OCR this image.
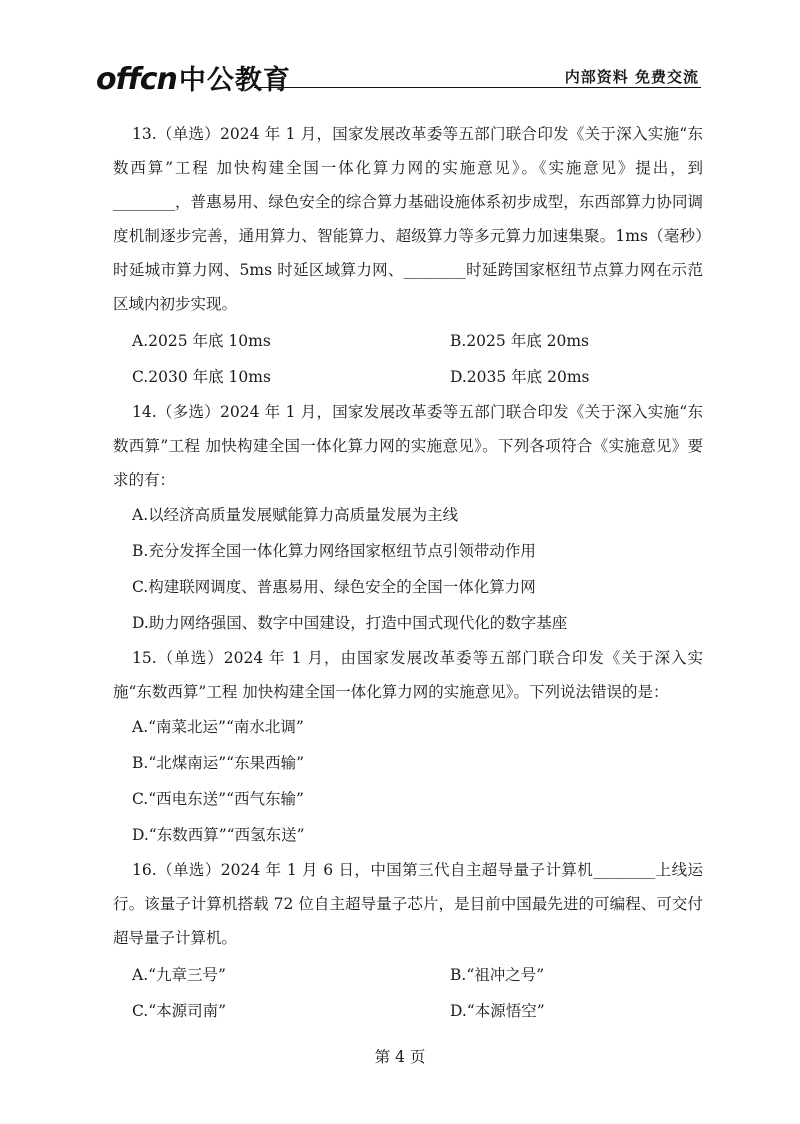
offcn 中公教育	内部资料 免费交流

13.（单选）2024 年 1 月，国家发展改革委等五部门联合印发《关于深入实施“东数西算”工程 加快构建全国一体化算力网的实施意见》。《实施意见》提出，到________，普惠易用、绿色安全的综合算力基础设施体系初步成型，东西部算力协同调度机制逐步完善，通用算力、智能算力、超级算力等多元算力加速集聚。1ms（毫秒）时延城市算力网、5ms 时延区域算力网、________时延跨国家枢纽节点算力网在示范区域内初步实现。

A.2025 年底 10ms	B.2025 年底 20ms
C.2030 年底 10ms	D.2035 年底 20ms

14.（多选）2024 年 1 月，国家发展改革委等五部门联合印发《关于深入实施“东数西算”工程 加快构建全国一体化算力网的实施意见》。下列各项符合《实施意见》要求的有：

A.以经济高质量发展赋能算力高质量发展为主线
B.充分发挥全国一体化算力网络国家枢纽节点引领带动作用
C.构建联网调度、普惠易用、绿色安全的全国一体化算力网
D.助力网络强国、数字中国建设，打造中国式现代化的数字基座

15.（单选）2024 年 1 月，由国家发展改革委等五部门联合印发《关于深入实施“东数西算”工程 加快构建全国一体化算力网的实施意见》。下列说法错误的是：

A.“南菜北运”“南水北调”
B.“北煤南运”“东果西输”
C.“西电东送”“西气东输”
D.“东数西算”“西氢东送”

16.（单选）2024 年 1 月 6 日，中国第三代自主超导量子计算机________上线运行。该量子计算机搭载 72 位自主超导量子芯片，是目前中国最先进的可编程、可交付超导量子计算机。

A.“九章三号”	B.“祖冲之号”
C.“本源司南”	D.“本源悟空”
第 4 页
